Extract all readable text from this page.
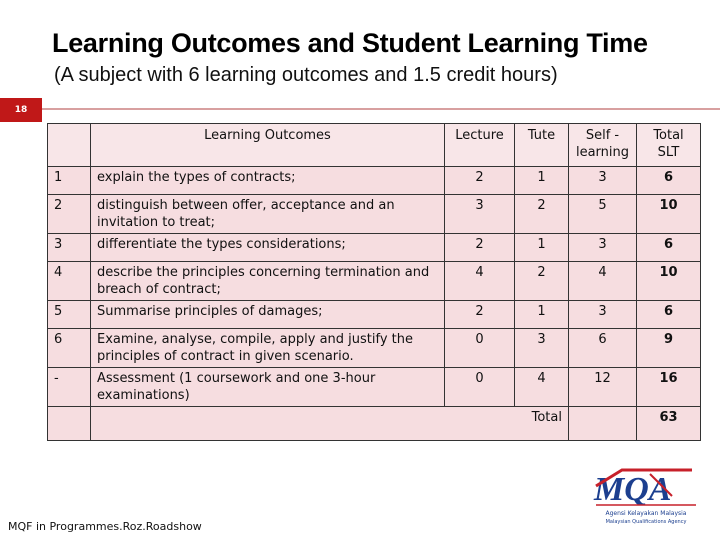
Learning Outcomes and Student Learning Time
(A subject with 6 learning outcomes and 1.5 credit hours)
18
	Learning Outcomes	Lecture	Tute	Self - learning	Total SLT
1	explain the types of contracts;	2	1	3	6
2	distinguish between offer, acceptance and an invitation to treat;	3	2	5	10
3	differentiate the types considerations;	2	1	3	6
4	describe the principles concerning termination and breach of contract;	4	2	4	10
5	Summarise principles of damages;	2	1	3	6
6	Examine, analyse, compile, apply and justify the principles of contract in given scenario.	0	3	6	9
-	Assessment (1 coursework and one 3-hour examinations)	0	4	12	16
	Total				63
MQF in Programmes.Roz.Roadshow
MQA
Agensi Kelayakan Malaysia
Malaysian Qualifications Agency
